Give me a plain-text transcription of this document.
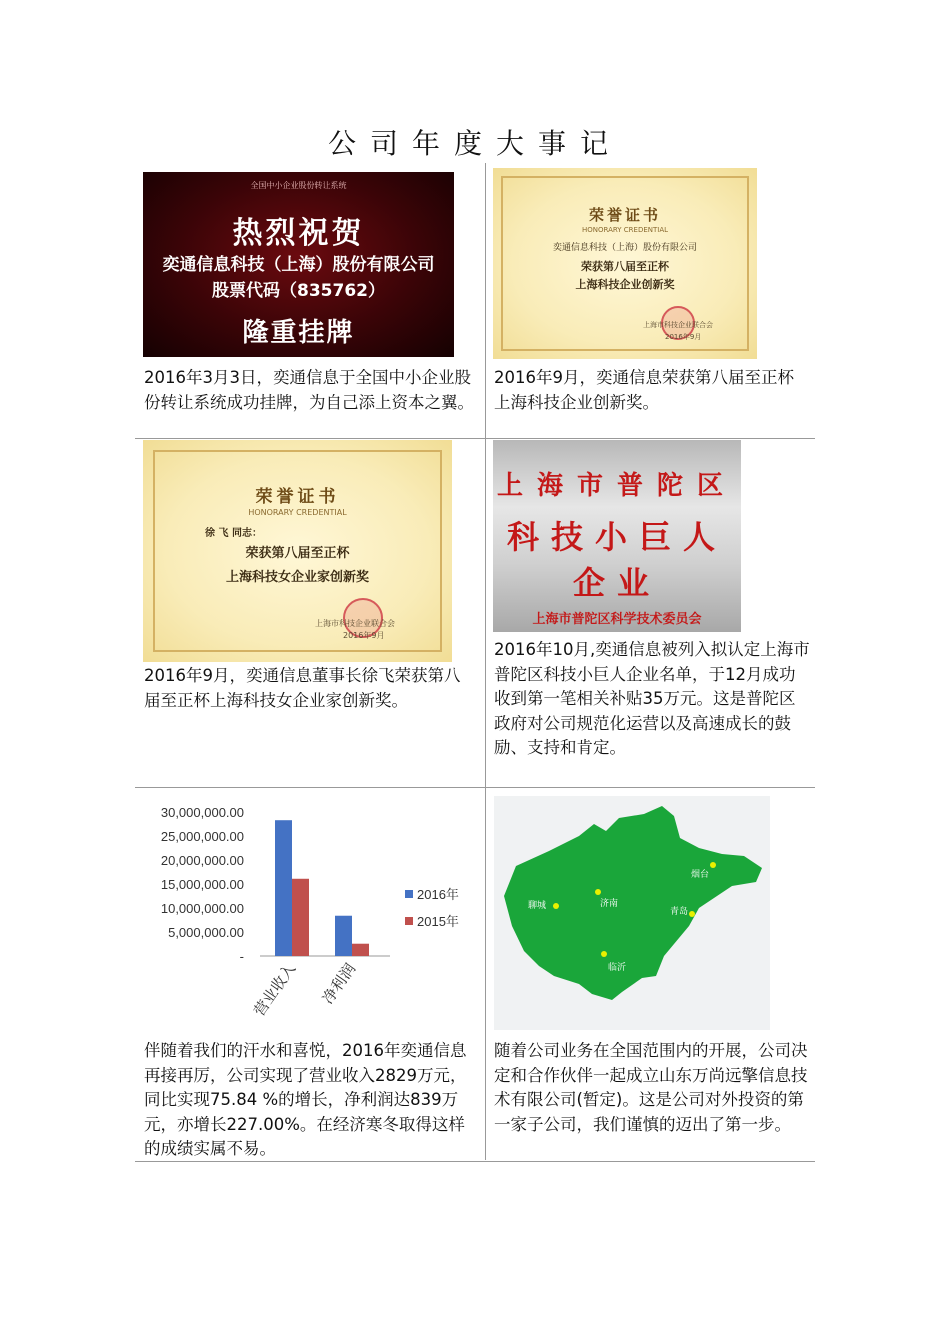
公司年度大事记
全国中小企业股份转让系统
热烈祝贺
奕通信息科技（上海）股份有限公司
股票代码（835762）
隆重挂牌
2016年3月3日，奕通信息于全国中小企业股份转让系统成功挂牌，为自己添上资本之翼。
荣誉证书
HONORARY CREDENTIAL
奕通信息科技（上海）股份有限公司
荣获第八届至正杯
上海科技企业创新奖
上海市科技企业联合会
2016年9月
2016年9月，奕通信息荣获第八届至正杯上海科技企业创新奖。
荣誉证书
HONORARY CREDENTIAL
徐 飞 同志：
荣获第八届至正杯
上海科技女企业家创新奖
上海市科技企业联合会
2016年9月
2016年9月，奕通信息董事长徐飞荣获第八届至正杯上海科技女企业家创新奖。
上海市普陀区
科技小巨人企业
上海市普陀区科学技术委员会
2016年10月,奕通信息被列入拟认定上海市普陀区科技小巨人企业名单，于12月成功收到第一笔相关补贴35万元。这是普陀区政府对公司规范化运营以及高速成长的鼓励、支持和肯定。
30,000,000.00
25,000,000.00
20,000,000.00
15,000,000.00
10,000,000.00
5,000,000.00
-
营业收入 净利润
2016年
2015年
伴随着我们的汗水和喜悦，2016年奕通信息再接再厉，公司实现了营业收入2829万元，同比实现75.84 %的增长，净利润达839万元，亦增长227.00%。在经济寒冬取得这样的成绩实属不易。
聊城	济南
烟台
青岛
临沂
随着公司业务在全国范围内的开展，公司决定和合作伙伴一起成立山东万尚远擎信息技术有限公司(暂定)。这是公司对外投资的第一家子公司，我们谨慎的迈出了第一步。
